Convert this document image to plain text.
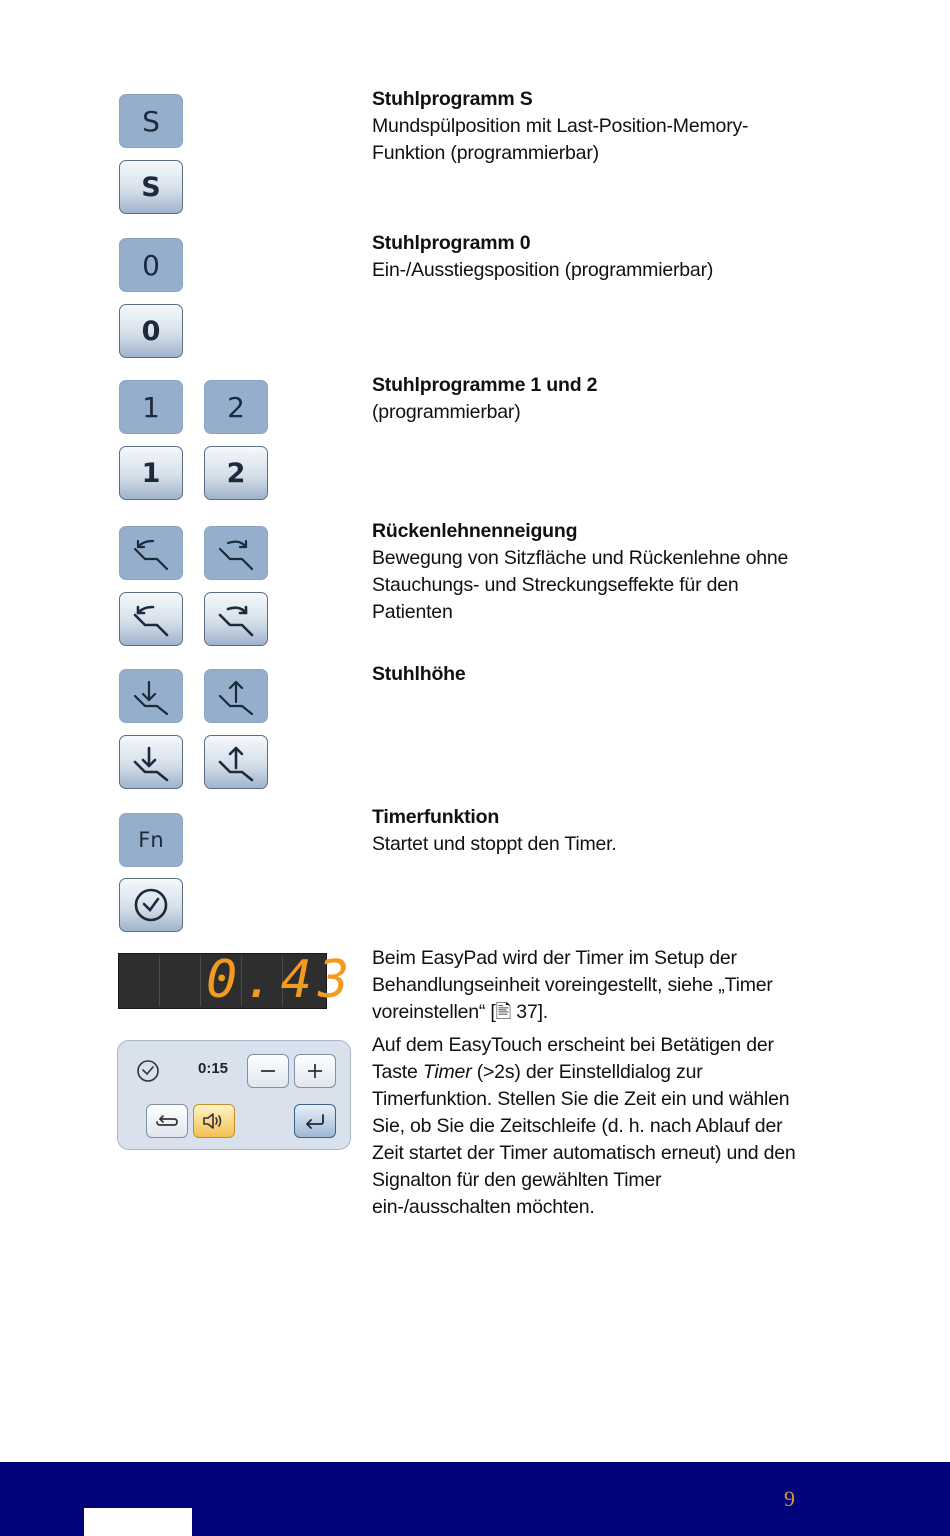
S
S
0
0
1 2
1 2
Fn
0.43
0:15

Stuhlprogramm S

Mundspülposition mit Last-Position-Memory-Funktion (programmierbar)

Stuhlprogramm 0

Ein-/Ausstiegsposition (programmierbar)

Stuhlprogramme 1 und 2

(programmierbar)

Rückenlehnenneigung

Bewegung von Sitzfläche und Rückenlehne ohne Stauchungs- und Streckungseffekte für den Patienten

Stuhlhöhe

Timerfunktion

Startet und stoppt den Timer.

Beim EasyPad wird der Timer im Setup der Behandlungseinheit voreingestellt, siehe „Timer voreinstellen“ [🖹 37].

Auf dem EasyTouch erscheint bei Betätigen der Taste Timer (>2s) der Einstelldialog zur Timerfunktion. Stellen Sie die Zeit ein und wählen Sie, ob Sie die Zeitschleife (d. h. nach Ablauf der Zeit startet der Timer automatisch erneut) und den Signalton für den gewählten Timer ein-/ausschalten möchten.

9
